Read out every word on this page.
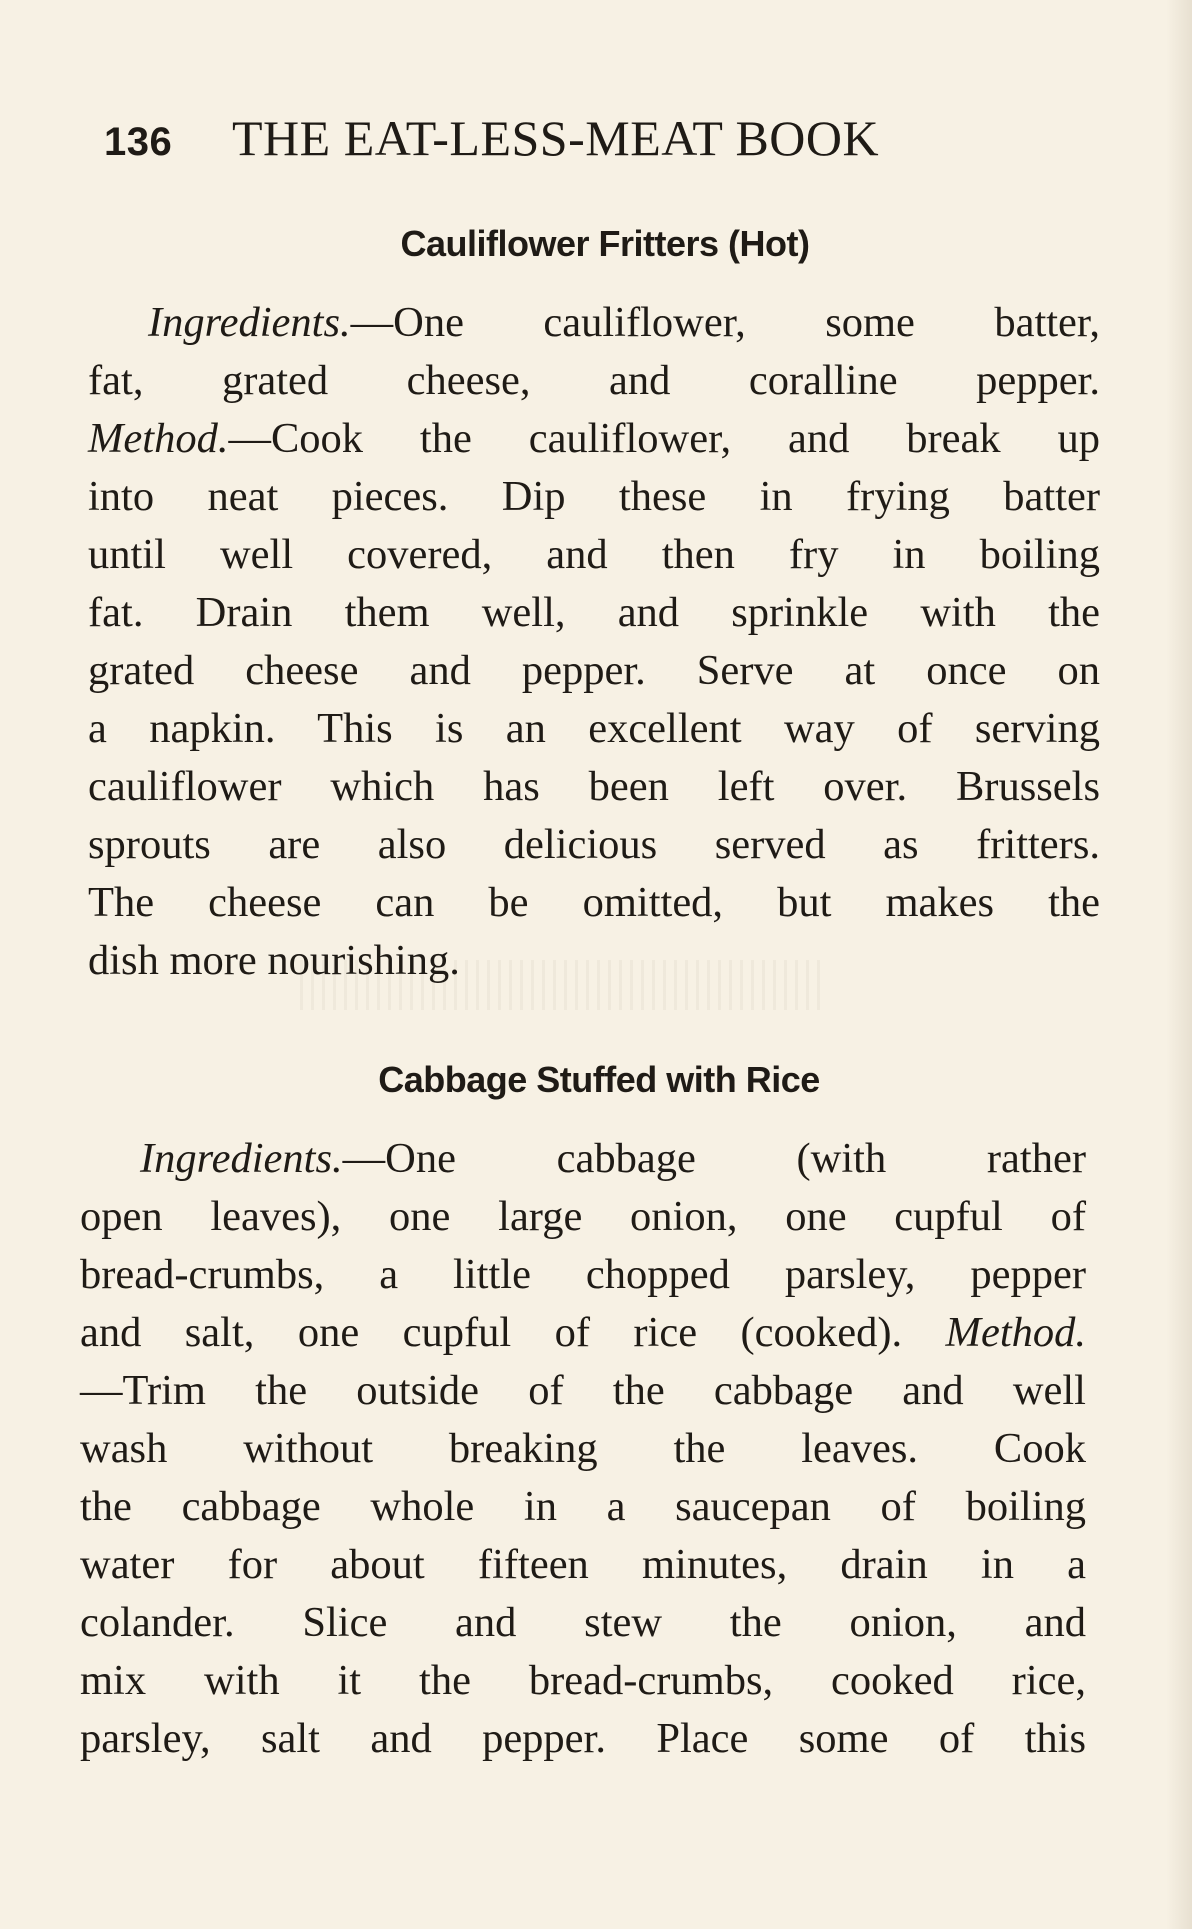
136 THE EAT-LESS-MEAT BOOK
Cauliflower Fritters (Hot)
Ingredients.—One cauliflower, some batter,
fat, grated cheese, and coralline pepper.
Method.—Cook the cauliflower, and break up
into neat pieces. Dip these in frying batter
until well covered, and then fry in boiling
fat. Drain them well, and sprinkle with the
grated cheese and pepper. Serve at once on
a napkin. This is an excellent way of serving
cauliflower which has been left over. Brussels
sprouts are also delicious served as fritters.
The cheese can be omitted, but makes the
dish more nourishing.
Cabbage Stuffed with Rice
Ingredients.—One cabbage (with rather
open leaves), one large onion, one cupful of
bread-crumbs, a little chopped parsley, pepper
and salt, one cupful of rice (cooked). Method.
—Trim the outside of the cabbage and well
wash without breaking the leaves. Cook
the cabbage whole in a saucepan of boiling
water for about fifteen minutes, drain in a
colander. Slice and stew the onion, and
mix with it the bread-crumbs, cooked rice,
parsley, salt and pepper. Place some of this
